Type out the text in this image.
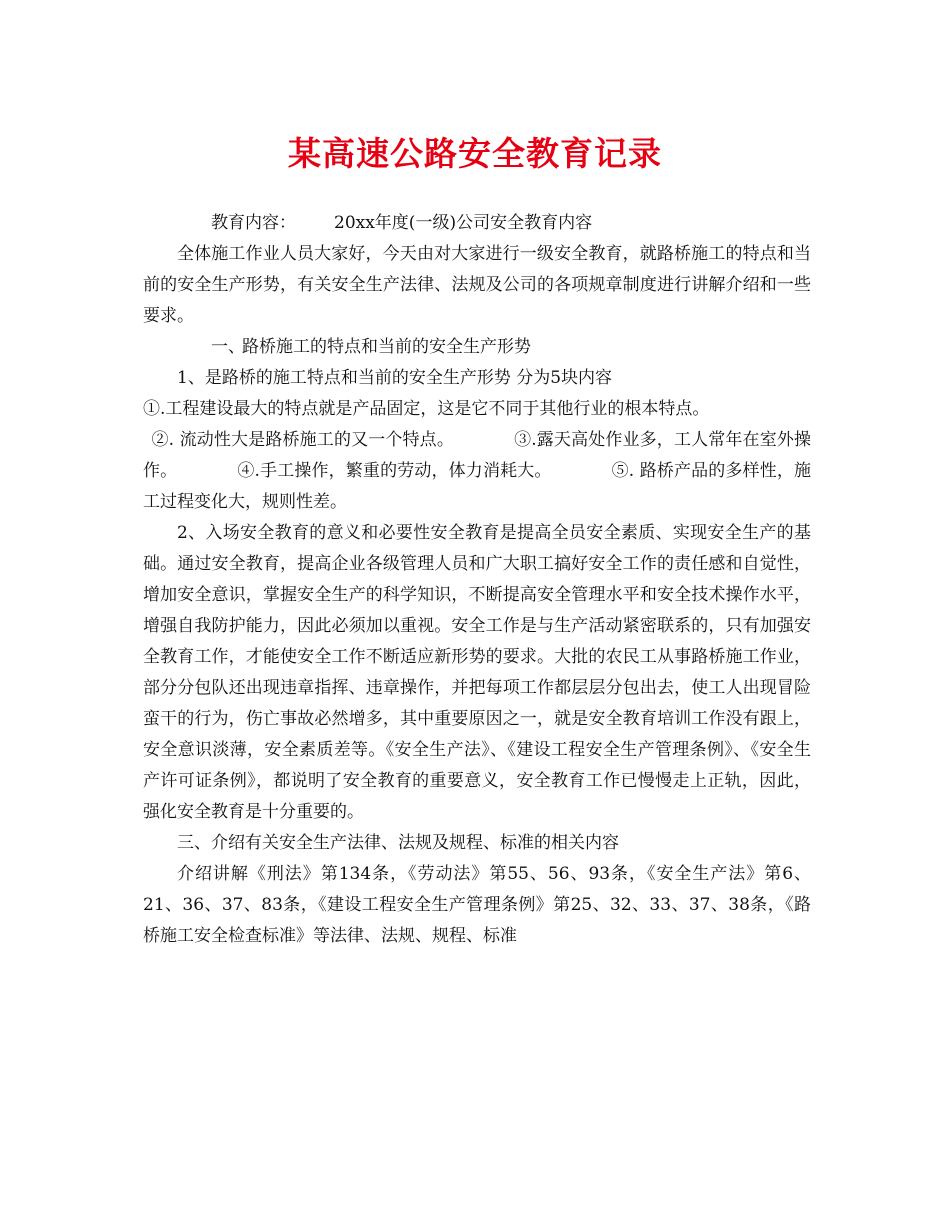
某高速公路安全教育记录

教育内容： 20xx年度(一级)公司安全教育内容

全体施工作业人员大家好，今天由对大家进行一级安全教育，就路桥施工的特点和当前的安全生产形势，有关安全生产法律、法规及公司的各项规章制度进行讲解介绍和一些要求。

一、路桥施工的特点和当前的安全生产形势

1、是路桥的施工特点和当前的安全生产形势 分为5块内容

①.工程建设最大的特点就是产品固定，这是它不同于其他行业的根本特点。

②. 流动性大是路桥施工的又一个特点。　　　　③.露天高处作业多，工人常年在室外操作。　　　　④.手工操作，繁重的劳动，体力消耗大。　　　　⑤. 路桥产品的多样性，施工过程变化大，规则性差。

2、入场安全教育的意义和必要性安全教育是提高全员安全素质、实现安全生产的基础。通过安全教育，提高企业各级管理人员和广大职工搞好安全工作的责任感和自觉性，增加安全意识，掌握安全生产的科学知识，不断提高安全管理水平和安全技术操作水平，增强自我防护能力，因此必须加以重视。安全工作是与生产活动紧密联系的，只有加强安全教育工作，才能使安全工作不断适应新形势的要求。大批的农民工从事路桥施工作业，部分分包队还出现违章指挥、违章操作，并把每项工作都层层分包出去，使工人出现冒险蛮干的行为，伤亡事故必然增多，其中重要原因之一，就是安全教育培训工作没有跟上，安全意识淡薄，安全素质差等。《安全生产法》、《建设工程安全生产管理条例》、《安全生产许可证条例》，都说明了安全教育的重要意义，安全教育工作已慢慢走上正轨，因此，强化安全教育是十分重要的。

三、介绍有关安全生产法律、法规及规程、标准的相关内容

介绍讲解《刑法》第134条，《劳动法》第55、56、93条，《安全生产法》第6、21、36、37、83条，《建设工程安全生产管理条例》第25、32、33、37、38条，《路桥施工安全检查标准》等法律、法规、规程、标准
